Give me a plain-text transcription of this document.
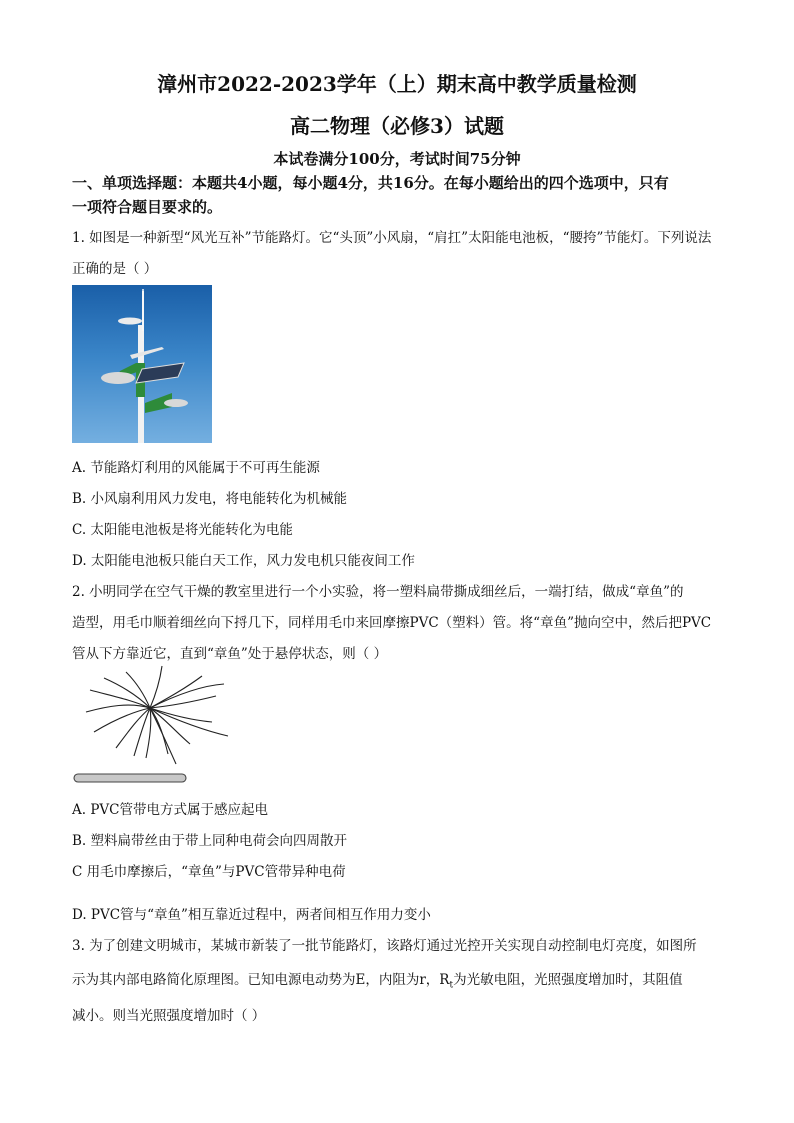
漳州市2022-2023学年（上）期末高中教学质量检测
高二物理（必修3）试题
本试卷满分100分，考试时间75分钟
一、单项选择题：本题共4小题，每小题4分，共16分。在每小题给出的四个选项中，只有
一项符合题目要求的。
1. 如图是一种新型“风光互补”节能路灯。它“头顶”小风扇，“肩扛”太阳能电池板，“腰挎”节能灯。下列说法
正确的是（ ）
A. 节能路灯利用的风能属于不可再生能源
B. 小风扇利用风力发电，将电能转化为机械能
C. 太阳能电池板是将光能转化为电能
D. 太阳能电池板只能白天工作，风力发电机只能夜间工作
2. 小明同学在空气干燥的教室里进行一个小实验，将一塑料扁带撕成细丝后，一端打结，做成“章鱼”的
造型，用毛巾顺着细丝向下捋几下，同样用毛巾来回摩擦PVC（塑料）管。将“章鱼”抛向空中，然后把PVC
管从下方靠近它，直到“章鱼”处于悬停状态，则（ ）
A. PVC管带电方式属于感应起电
B. 塑料扁带丝由于带上同种电荷会向四周散开
C 用毛巾摩擦后，“章鱼”与PVC管带异种电荷
D. PVC管与“章鱼”相互靠近过程中，两者间相互作用力变小
3. 为了创建文明城市，某城市新装了一批节能路灯，该路灯通过光控开关实现自动控制电灯亮度，如图所
示为其内部电路简化原理图。已知电源电动势为E，内阻为r，$R_t$为光敏电阻，光照强度增加时，其阻值
减小。则当光照强度增加时（ ）
